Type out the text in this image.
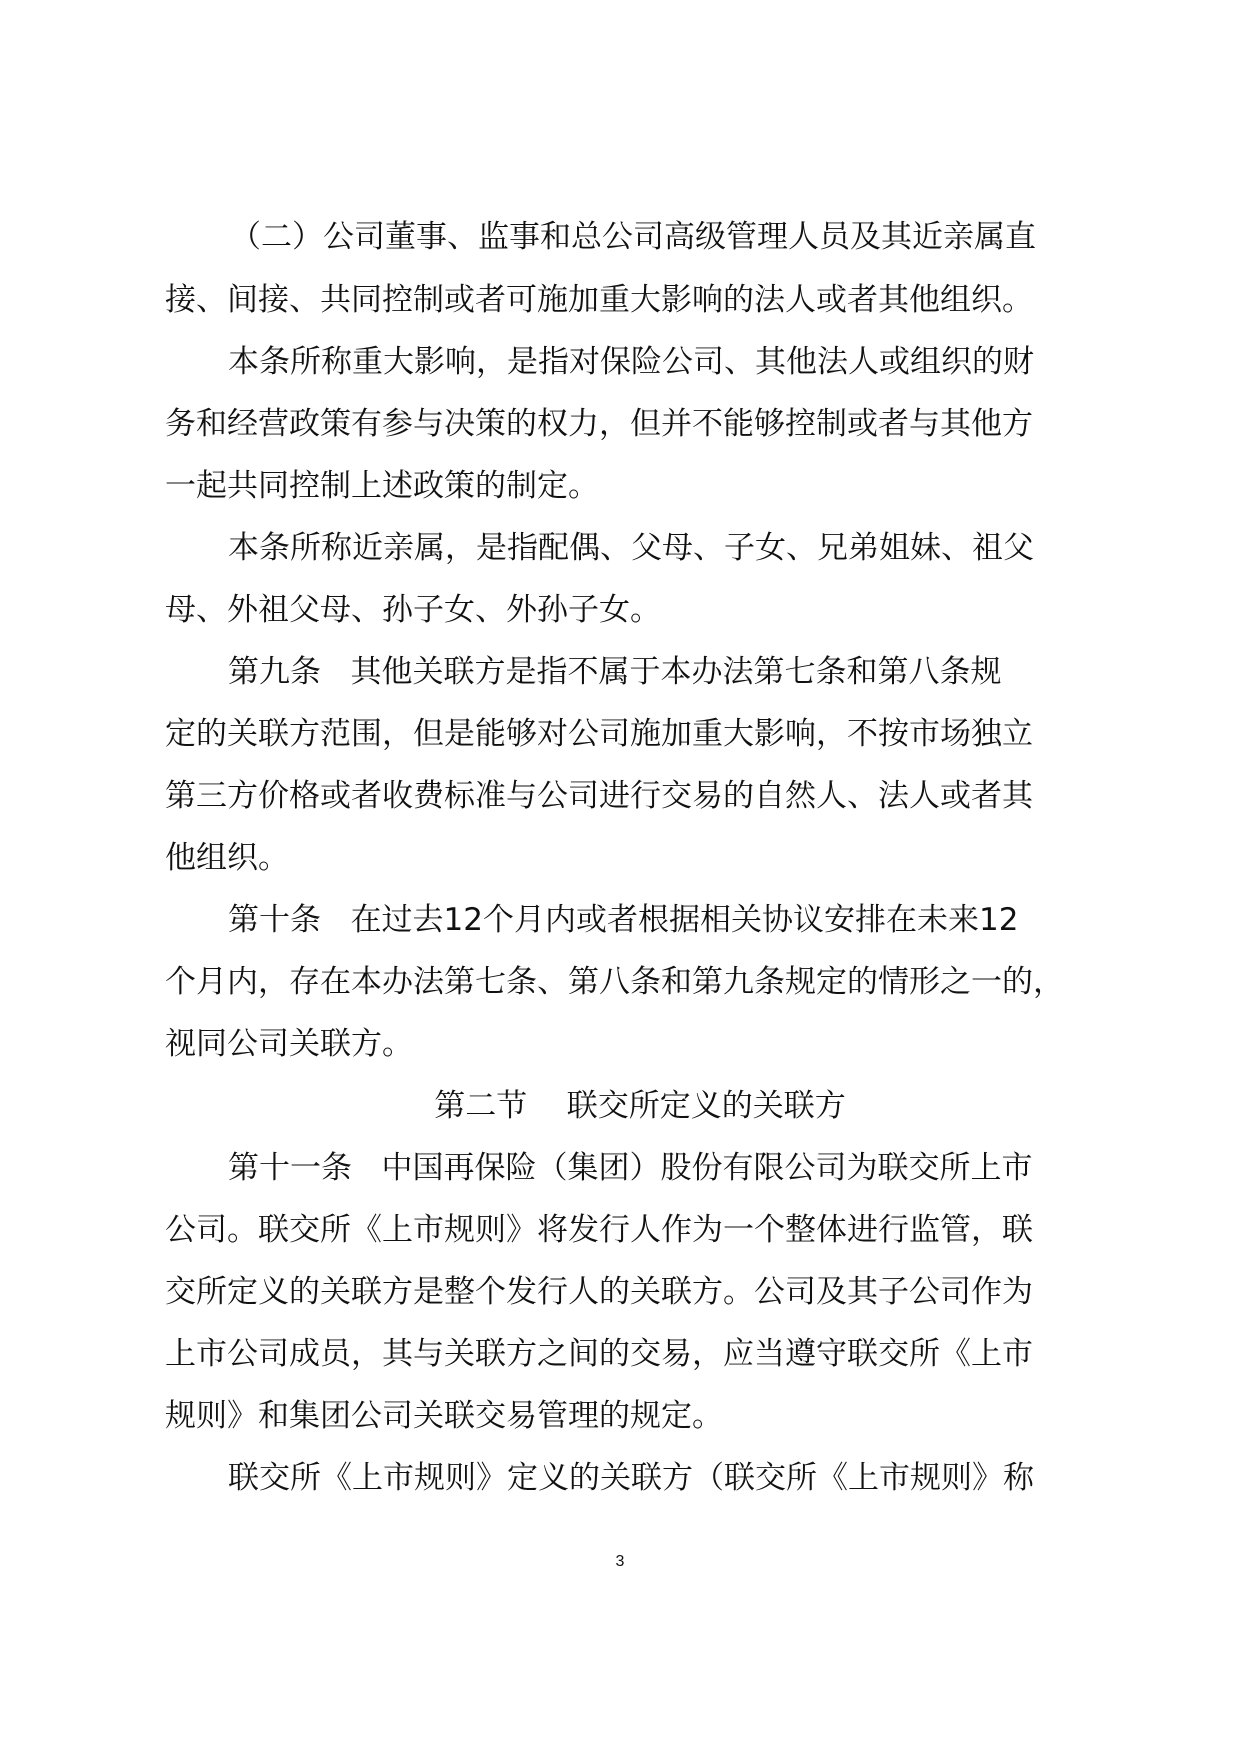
（二）公司董事、监事和总公司高级管理人员及其近亲属直
接、间接、共同控制或者可施加重大影响的法人或者其他组织。
本条所称重大影响，是指对保险公司、其他法人或组织的财
务和经营政策有参与决策的权力，但并不能够控制或者与其他方
一起共同控制上述政策的制定。
本条所称近亲属，是指配偶、父母、子女、兄弟姐妹、祖父
母、外祖父母、孙子女、外孙子女。
第九条   其他关联方是指不属于本办法第七条和第八条规
定的关联方范围，但是能够对公司施加重大影响，不按市场独立
第三方价格或者收费标准与公司进行交易的自然人、法人或者其
他组织。
第十条   在过去12个月内或者根据相关协议安排在未来12
个月内，存在本办法第七条、第八条和第九条规定的情形之一的，
视同公司关联方。
第二节    联交所定义的关联方
第十一条   中国再保险（集团）股份有限公司为联交所上市
公司。联交所《上市规则》将发行人作为一个整体进行监管，联
交所定义的关联方是整个发行人的关联方。公司及其子公司作为
上市公司成员，其与关联方之间的交易，应当遵守联交所《上市
规则》和集团公司关联交易管理的规定。
联交所《上市规则》定义的关联方（联交所《上市规则》称
3
